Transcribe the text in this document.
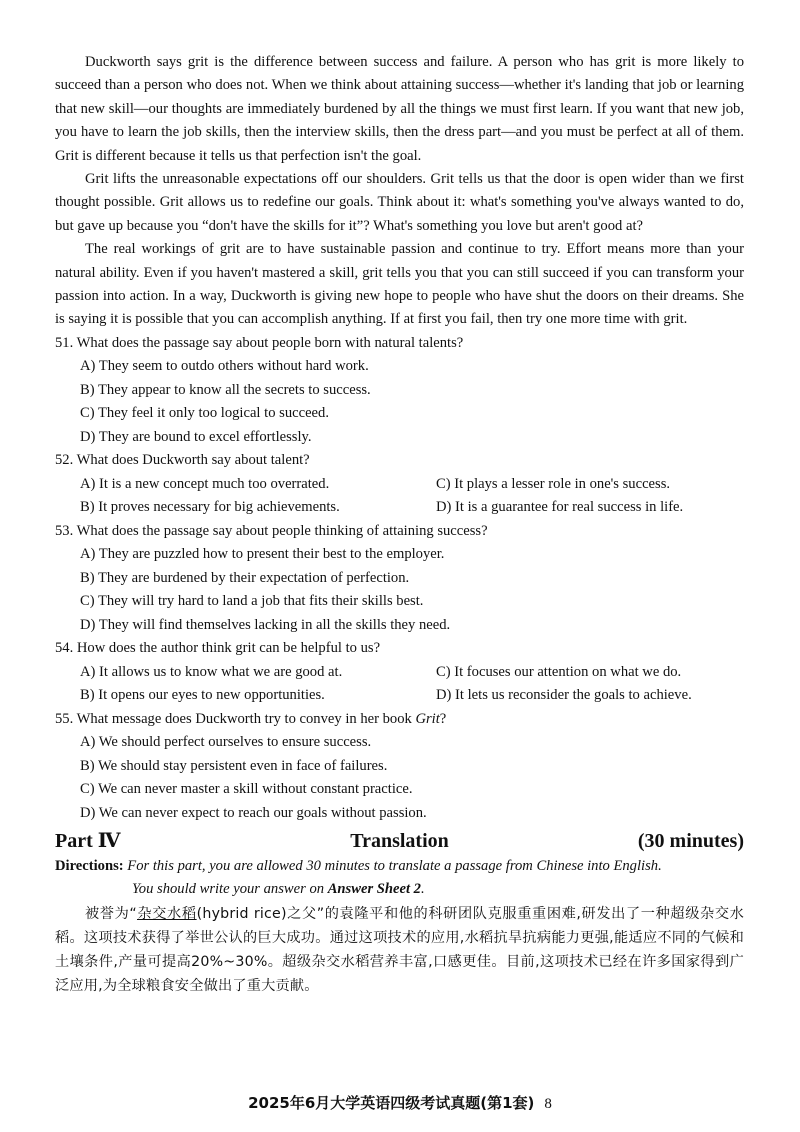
Duckworth says grit is the difference between success and failure. A person who has grit is more likely to succeed than a person who does not. When we think about attaining success—whether it's landing that job or learning that new skill—our thoughts are immediately burdened by all the things we must first learn. If you want that new job, you have to learn the job skills, then the interview skills, then the dress part—and you must be perfect at all of them. Grit is different because it tells us that perfection isn't the goal.

Grit lifts the unreasonable expectations off our shoulders. Grit tells us that the door is open wider than we first thought possible. Grit allows us to redefine our goals. Think about it: what's something you've always wanted to do, but gave up because you “don't have the skills for it”? What's something you love but aren't good at?

The real workings of grit are to have sustainable passion and continue to try. Effort means more than your natural ability. Even if you haven't mastered a skill, grit tells you that you can still succeed if you can transform your passion into action. In a way, Duckworth is giving new hope to people who have shut the doors on their dreams. She is saying it is possible that you can accomplish anything. If at first you fail, then try one more time with grit.

51. What does the passage say about people born with natural talents?

A) They seem to outdo others without hard work.

B) They appear to know all the secrets to success.

C) They feel it only too logical to succeed.

D) They are bound to excel effortlessly.

52. What does Duckworth say about talent?

A) It is a new concept much too overrated.	C) It plays a lesser role in one's success.

B) It proves necessary for big achievements.	D) It is a guarantee for real success in life.

53. What does the passage say about people thinking of attaining success?

A) They are puzzled how to present their best to the employer.

B) They are burdened by their expectation of perfection.

C) They will try hard to land a job that fits their skills best.

D) They will find themselves lacking in all the skills they need.

54. How does the author think grit can be helpful to us?

A) It allows us to know what we are good at.	C) It focuses our attention on what we do.

B) It opens our eyes to new opportunities.	D) It lets us reconsider the goals to achieve.

55. What message does Duckworth try to convey in her book Grit?

A) We should perfect ourselves to ensure success.

B) We should stay persistent even in face of failures.

C) We can never master a skill without constant practice.

D) We can never expect to reach our goals without passion.

Part Ⅳ	Translation	(30 minutes)

Directions: For this part, you are allowed 30 minutes to translate a passage from Chinese into English.

You should write your answer on Answer Sheet 2.

被誉为“杂交水稻(hybrid rice)之父”的袁隆平和他的科研团队克服重重困难,研发出了一种超级杂交水稻。这项技术获得了举世公认的巨大成功。通过这项技术的应用,水稻抗旱抗病能力更强,能适应不同的气候和土壤条件,产量可提高20%~30%。超级杂交水稻营养丰富,口感更佳。目前,这项技术已经在许多国家得到广泛应用,为全球粮食安全做出了重大贡献。

2025年6月大学英语四级考试真题(第1套) 8
